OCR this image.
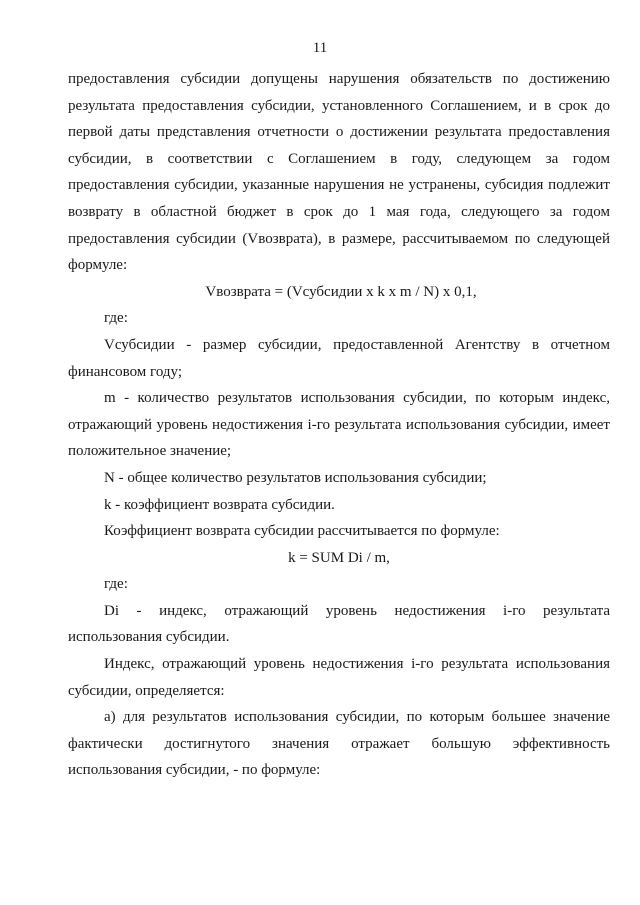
11

предоставления субсидии допущены нарушения обязательств по достижению результата предоставления субсидии, установленного Соглашением, и в срок до первой даты представления отчетности о достижении результата предоставления субсидии, в соответствии с Соглашением в году, следующем за годом предоставления субсидии, указанные нарушения не устранены, субсидия подлежит возврату в областной бюджет в срок до 1 мая года, следующего за годом предоставления субсидии (Vвозврата), в размере, рассчитываемом по следующей формуле:

Vвозврата = (Vсубсидии x k x m / N) x 0,1,

где:

Vсубсидии - размер субсидии, предоставленной Агентству в отчетном финансовом году;

m - количество результатов использования субсидии, по которым индекс, отражающий уровень недостижения i-го результата использования субсидии, имеет положительное значение;

N - общее количество результатов использования субсидии;

k - коэффициент возврата субсидии.

Коэффициент возврата субсидии рассчитывается по формуле:

k = SUM Di / m,

где:

Di - индекс, отражающий уровень недостижения i-го результата использования субсидии.

Индекс, отражающий уровень недостижения i-го результата использования субсидии, определяется:

а) для результатов использования субсидии, по которым большее значение фактически достигнутого значения отражает большую эффективность использования субсидии, - по формуле:
